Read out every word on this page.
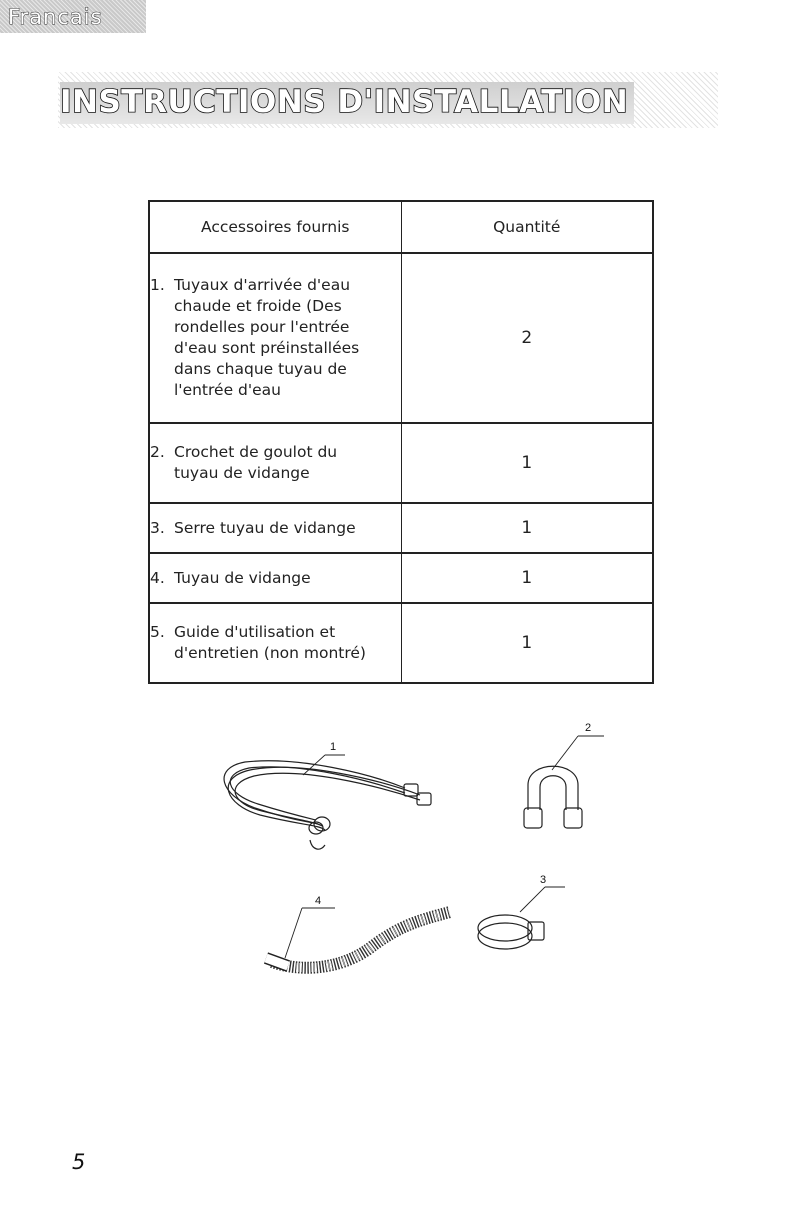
Francais
INSTRUCTIONS D'INSTALLATION
Accessoires fournis	Quantité
1. Tuyaux d'arrivée d'eau chaude et froide (Des rondelles pour l'entrée d'eau sont préinstallées dans chaque tuyau de l'entrée d'eau	2
2. Crochet de goulot du tuyau de vidange	1
3. Serre tuyau de vidange	1
4. Tuyau de vidange	1
5. Guide d'utilisation et d'entretien (non montré)	1
1
2
3
4
5
